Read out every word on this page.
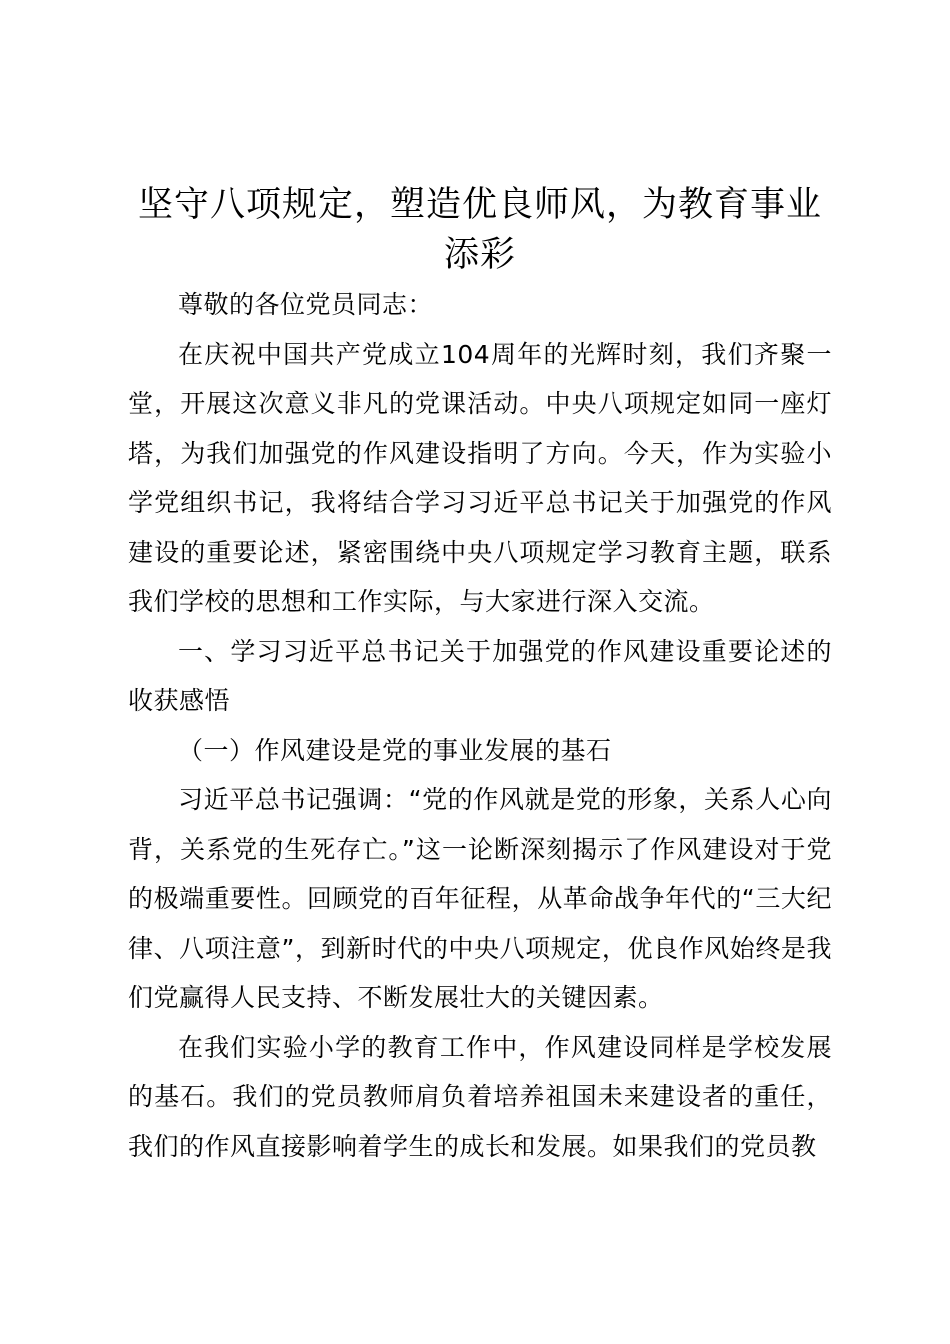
坚守八项规定，塑造优良师风，为教育事业添彩

尊敬的各位党员同志：

在庆祝中国共产党成立104周年的光辉时刻，我们齐聚一堂，开展这次意义非凡的党课活动。中央八项规定如同一座灯塔，为我们加强党的作风建设指明了方向。今天，作为实验小学党组织书记，我将结合学习习近平总书记关于加强党的作风建设的重要论述，紧密围绕中央八项规定学习教育主题，联系我们学校的思想和工作实际，与大家进行深入交流。

一、学习习近平总书记关于加强党的作风建设重要论述的收获感悟

（一）作风建设是党的事业发展的基石

习近平总书记强调：“党的作风就是党的形象，关系人心向背，关系党的生死存亡。”这一论断深刻揭示了作风建设对于党的极端重要性。回顾党的百年征程，从革命战争年代的“三大纪律、八项注意”，到新时代的中央八项规定，优良作风始终是我们党赢得人民支持、不断发展壮大的关键因素。

在我们实验小学的教育工作中，作风建设同样是学校发展的基石。我们的党员教师肩负着培养祖国未来建设者的重任，我们的作风直接影响着学生的成长和发展。如果我们的党员教
